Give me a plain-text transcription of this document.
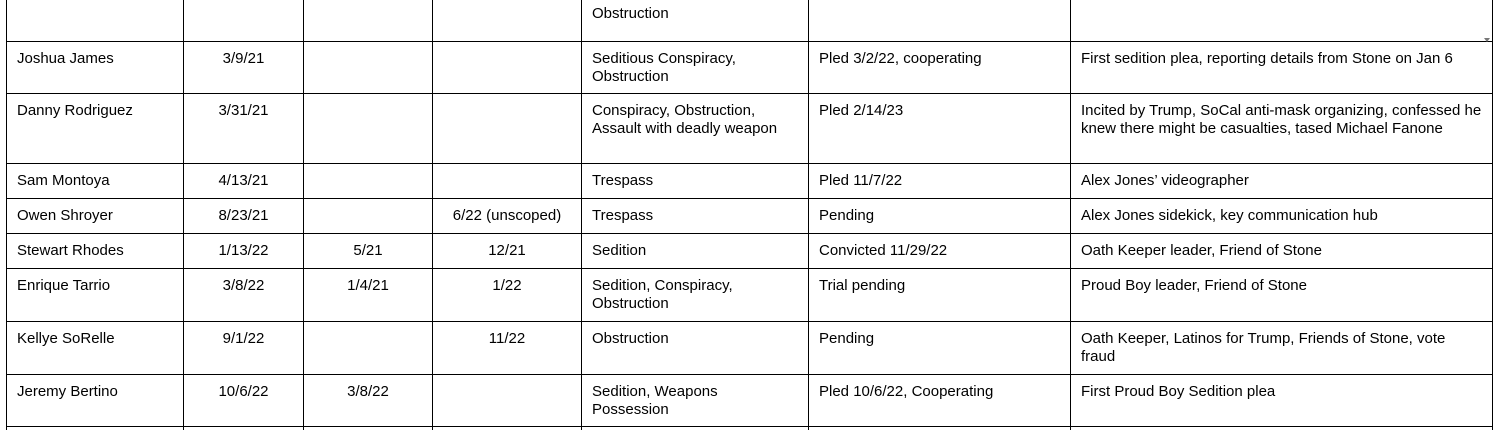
				Obstruction		
Joshua James	3/9/21			Seditious Conspiracy, Obstruction	Pled 3/2/22, cooperating	First sedition plea, reporting details from Stone on Jan 6
Danny Rodriguez	3/31/21			Conspiracy, Obstruction, Assault with deadly weapon	Pled 2/14/23	Incited by Trump, SoCal anti-mask organizing, confessed he knew there might be casualties, tased Michael Fanone
Sam Montoya	4/13/21			Trespass	Pled 11/7/22	Alex Jones’ videographer
Owen Shroyer	8/23/21		6/22 (unscoped)	Trespass	Pending	Alex Jones sidekick, key communication hub
Stewart Rhodes	1/13/22	5/21	12/21	Sedition	Convicted 11/29/22	Oath Keeper leader, Friend of Stone
Enrique Tarrio	3/8/22	1/4/21	1/22	Sedition, Conspiracy, Obstruction	Trial pending	Proud Boy leader, Friend of Stone
Kellye SoRelle	9/1/22		11/22	Obstruction	Pending	Oath Keeper, Latinos for Trump, Friends of Stone, vote fraud
Jeremy Bertino	10/6/22	3/8/22		Sedition, Weapons Possession	Pled 10/6/22, Cooperating	First Proud Boy Sedition plea
